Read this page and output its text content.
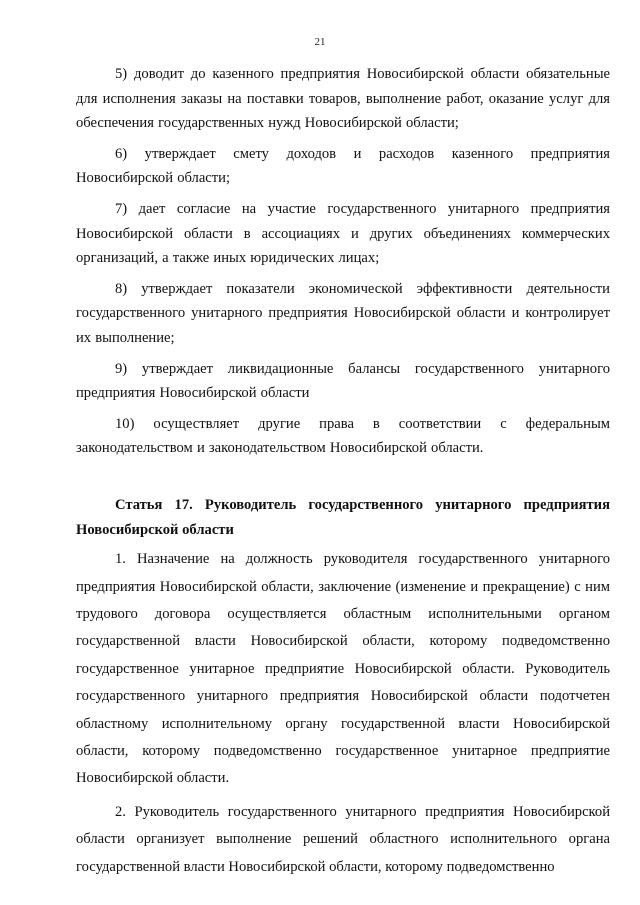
21

5) доводит до казенного предприятия Новосибирской области обязательные для исполнения заказы на поставки товаров, выполнение работ, оказание услуг для обеспечения государственных нужд Новосибирской области;

6) утверждает смету доходов и расходов казенного предприятия Новосибирской области;

7) дает согласие на участие государственного унитарного предприятия Новосибирской области в ассоциациях и других объединениях коммерческих организаций, а также иных юридических лицах;

8) утверждает показатели экономической эффективности деятельности государственного унитарного предприятия Новосибирской области и контролирует их выполнение;

9) утверждает ликвидационные балансы государственного унитарного предприятия Новосибирской области

10) осуществляет другие права в соответствии с федеральным законодательством и законодательством Новосибирской области.

Статья 17. Руководитель государственного унитарного предприятия Новосибирской области

1. Назначение на должность руководителя государственного унитарного предприятия Новосибирской области, заключение (изменение и прекращение) с ним трудового договора осуществляется областным исполнительными органом государственной власти Новосибирской области, которому подведомственно государственное унитарное предприятие Новосибирской области. Руководитель государственного унитарного предприятия Новосибирской области подотчетен областному исполнительному органу государственной власти Новосибирской области, которому подведомственно государственное унитарное предприятие Новосибирской области.

2. Руководитель государственного унитарного предприятия Новосибирской области организует выполнение решений областного исполнительного органа государственной власти Новосибирской области, которому подведомственно
